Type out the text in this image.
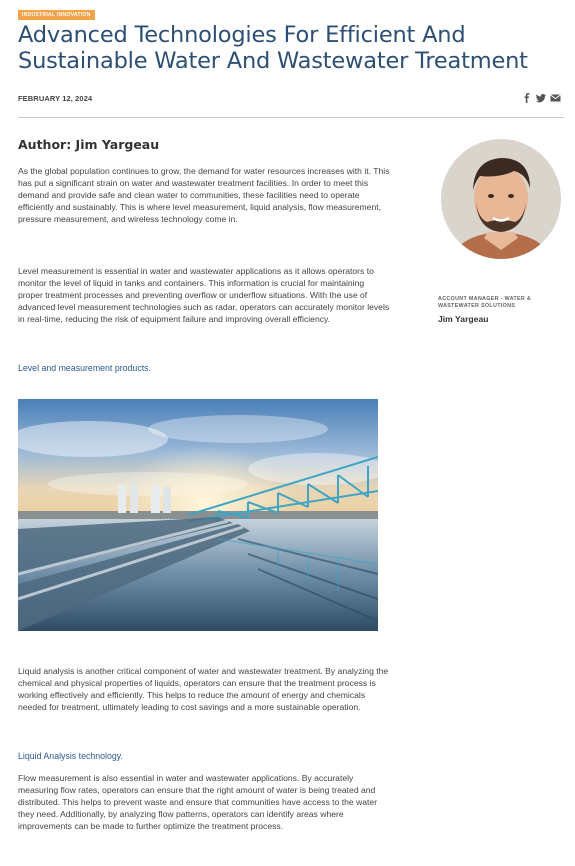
INDUSTRIAL INNOVATION
Advanced Technologies For Efficient And Sustainable Water And Wastewater Treatment
FEBRUARY 12, 2024
Author: Jim Yargeau

As the global population continues to grow, the demand for water resources increases with it. This has put a significant strain on water and wastewater treatment facilities. In order to meet this demand and provide safe and clean water to communities, these facilities need to operate efficiently and sustainably. This is where level measurement, liquid analysis, flow measurement, pressure measurement, and wireless technology come in.

Level measurement is essential in water and wastewater applications as it allows operators to monitor the level of liquid in tanks and containers. This information is crucial for maintaining proper treatment processes and preventing overflow or underflow situations. With the use of advanced level measurement technologies such as radar, operators can accurately monitor levels in real-time, reducing the risk of equipment failure and improving overall efficiency.

Level and measurement products.

Liquid analysis is another critical component of water and wastewater treatment. By analyzing the chemical and physical properties of liquids, operators can ensure that the treatment process is working effectively and efficiently. This helps to reduce the amount of energy and chemicals needed for treatment, ultimately leading to cost savings and a more sustainable operation.

Liquid Analysis technology.

Flow measurement is also essential in water and wastewater applications. By accurately measuring flow rates, operators can ensure that the right amount of water is being treated and distributed. This helps to prevent waste and ensure that communities have access to the water they need. Additionally, by analyzing flow patterns, operators can identify areas where improvements can be made to further optimize the treatment process.

ACCOUNT MANAGER - WATER & WASTEWATER SOLUTIONS
Jim Yargeau
